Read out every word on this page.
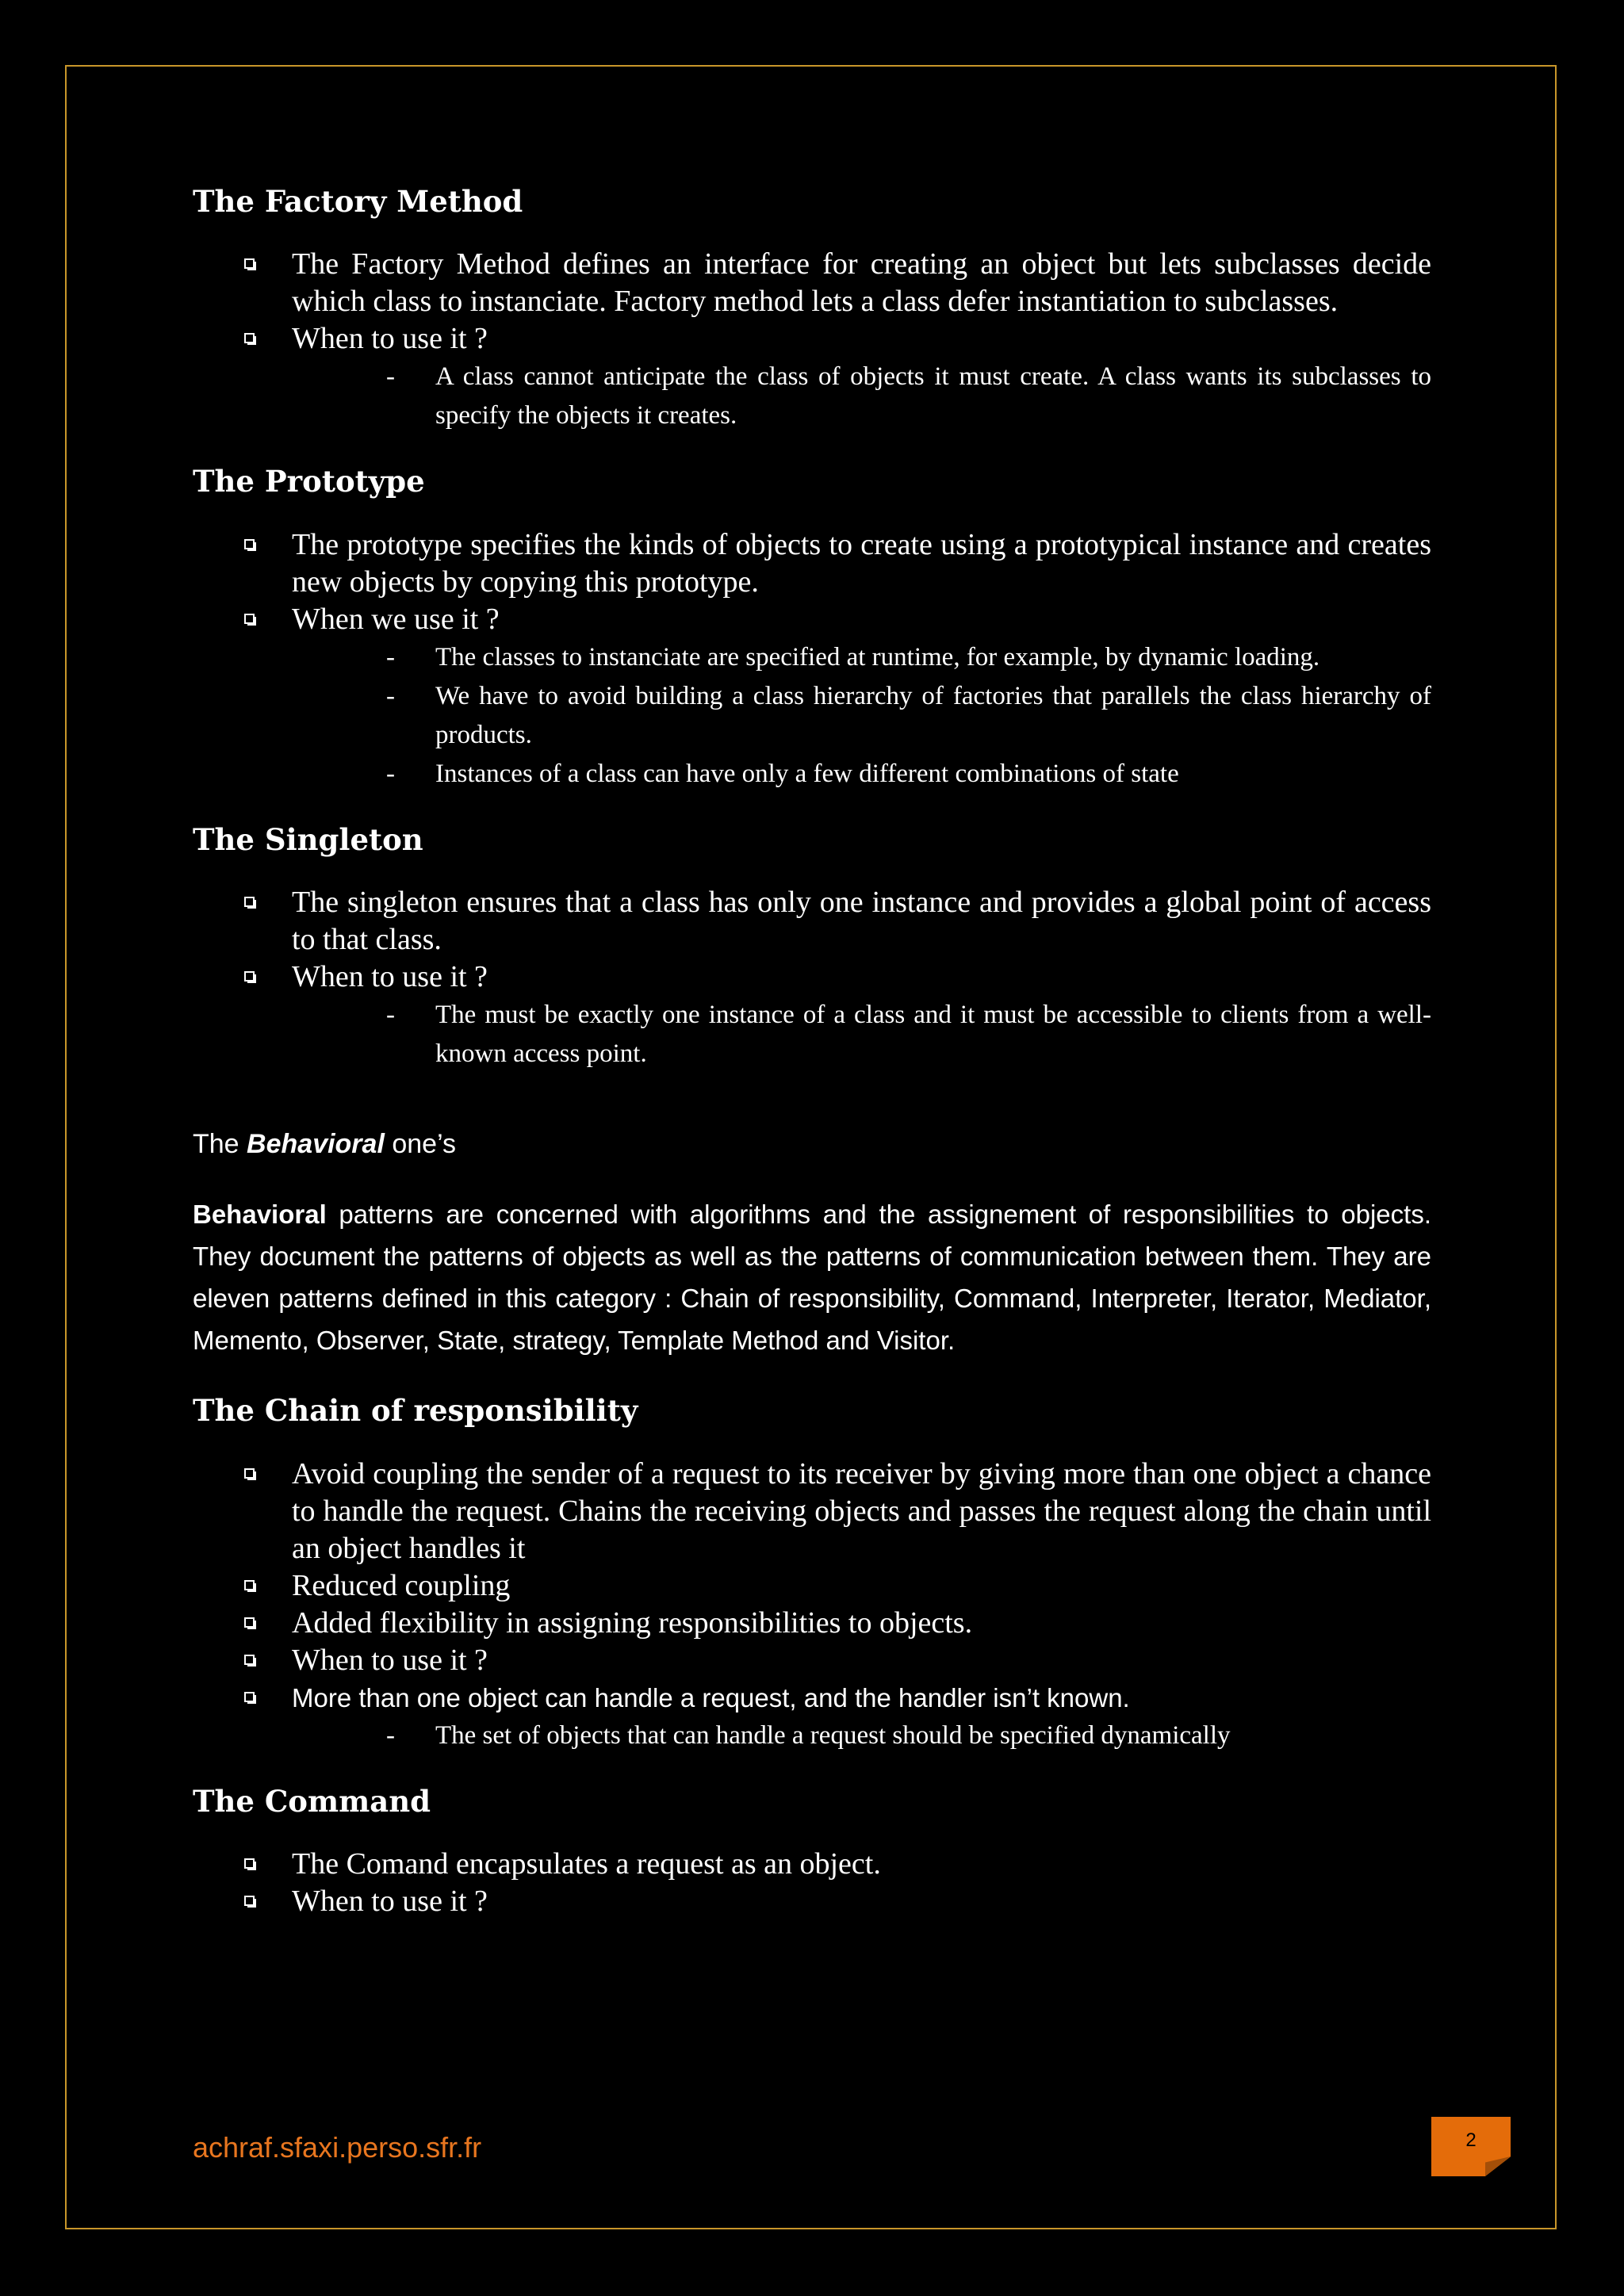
The Factory Method
The Factory Method defines an interface for creating an object but lets subclasses decide which class to instanciate. Factory method lets a class defer instantiation to subclasses.
When to use it ?
- A class cannot anticipate the class of objects it must create. A class wants its subclasses to specify the objects it creates.
The Prototype
The prototype specifies the kinds of objects to create using a prototypical instance and creates new objects by copying this prototype.
When we use it ?
- The classes to instanciate are specified at runtime, for example, by dynamic loading.
- We have to avoid building a class hierarchy of factories that parallels the class hierarchy of products.
- Instances of a class can have only a few different combinations of state
The Singleton
The singleton ensures that a class has only one instance and provides a global point of access to that class.
When to use it ?
- The must be exactly one instance of a class and it must be accessible to clients from a well-known access point.
The Behavioral one’s

Behavioral patterns are concerned with algorithms and the assignement of responsibilities to objects. They document the patterns of objects as well as the patterns of communication between them. They are eleven patterns defined in this category : Chain of responsibility, Command, Interpreter, Iterator, Mediator, Memento, Observer, State, strategy, Template Method and Visitor.

The Chain of responsibility
Avoid coupling the sender of a request to its receiver by giving more than one object a chance to handle the request. Chains the receiving objects and passes the request along the chain until an object handles it
Reduced coupling
Added flexibility in assigning responsibilities to objects.
When to use it ?
More than one object can handle a request, and the handler isn’t known.
- The set of objects that can handle a request should be specified dynamically
The Command
The Comand encapsulates a request as an object.
When to use it ?
achraf.sfaxi.perso.sfr.fr	2
